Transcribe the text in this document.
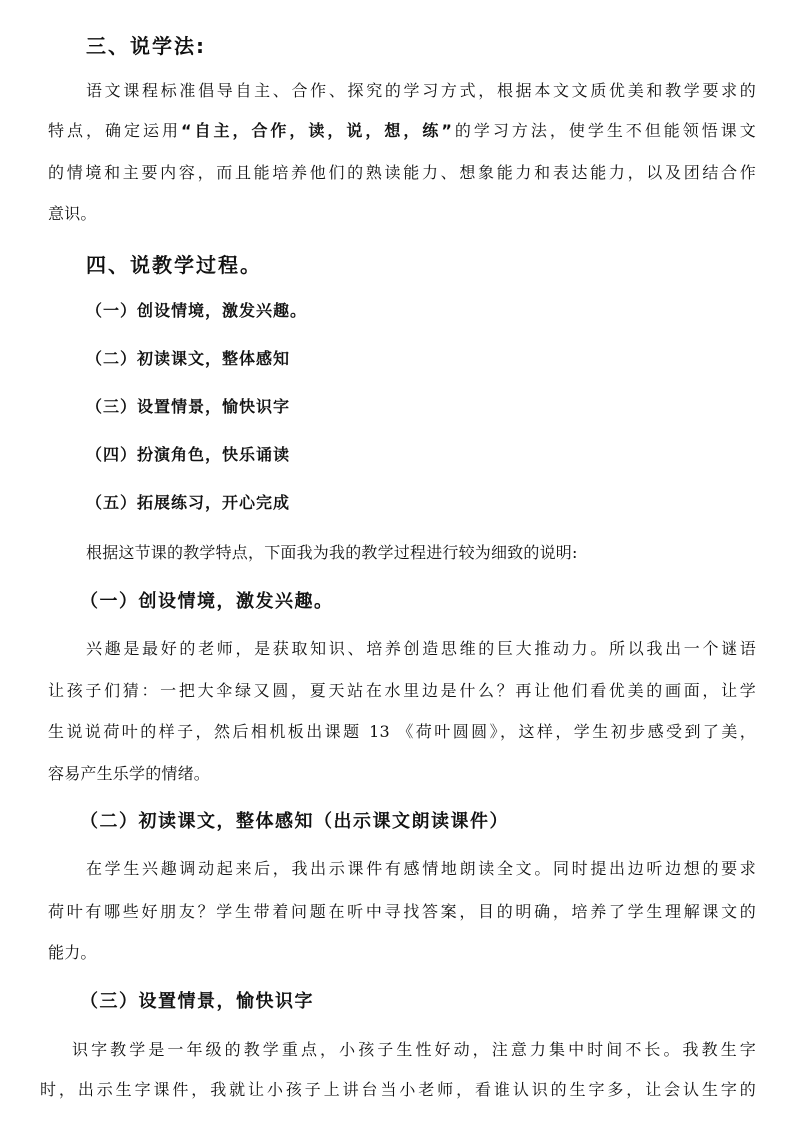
三、说学法:
语文课程标准倡导自主、合作、探究的学习方式，根据本文文质优美和教学要求的
特点，确定运用“自主，合作，读，说，想，练”的学习方法，使学生不但能领悟课文
的情境和主要内容，而且能培养他们的熟读能力、想象能力和表达能力，以及团结合作
意识。
四、说教学过程。
（一）创设情境，激发兴趣。
（二）初读课文，整体感知
（三）设置情景，愉快识字
（四）扮演角色，快乐诵读
（五）拓展练习，开心完成
根据这节课的教学特点，下面我为我的教学过程进行较为细致的说明:
（一）创设情境，激发兴趣。
兴趣是最好的老师，是获取知识、培养创造思维的巨大推动力。所以我出一个谜语
让孩子们猜：一把大伞绿又圆，夏天站在水里边是什么？再让他们看优美的画面，让学
生说说荷叶的样子，然后相机板出课题 13 《荷叶圆圆》，这样，学生初步感受到了美，
容易产生乐学的情绪。
（二）初读课文，整体感知（出示课文朗读课件）
在学生兴趣调动起来后，我出示课件有感情地朗读全文。同时提出边听边想的要求
荷叶有哪些好朋友？学生带着问题在听中寻找答案，目的明确，培养了学生理解课文的
能力。
（三）设置情景，愉快识字
识字教学是一年级的教学重点，小孩子生性好动，注意力集中时间不长。我教生字
时，出示生字课件，我就让小孩子上讲台当小老师，看谁认识的生字多，让会认生字的
